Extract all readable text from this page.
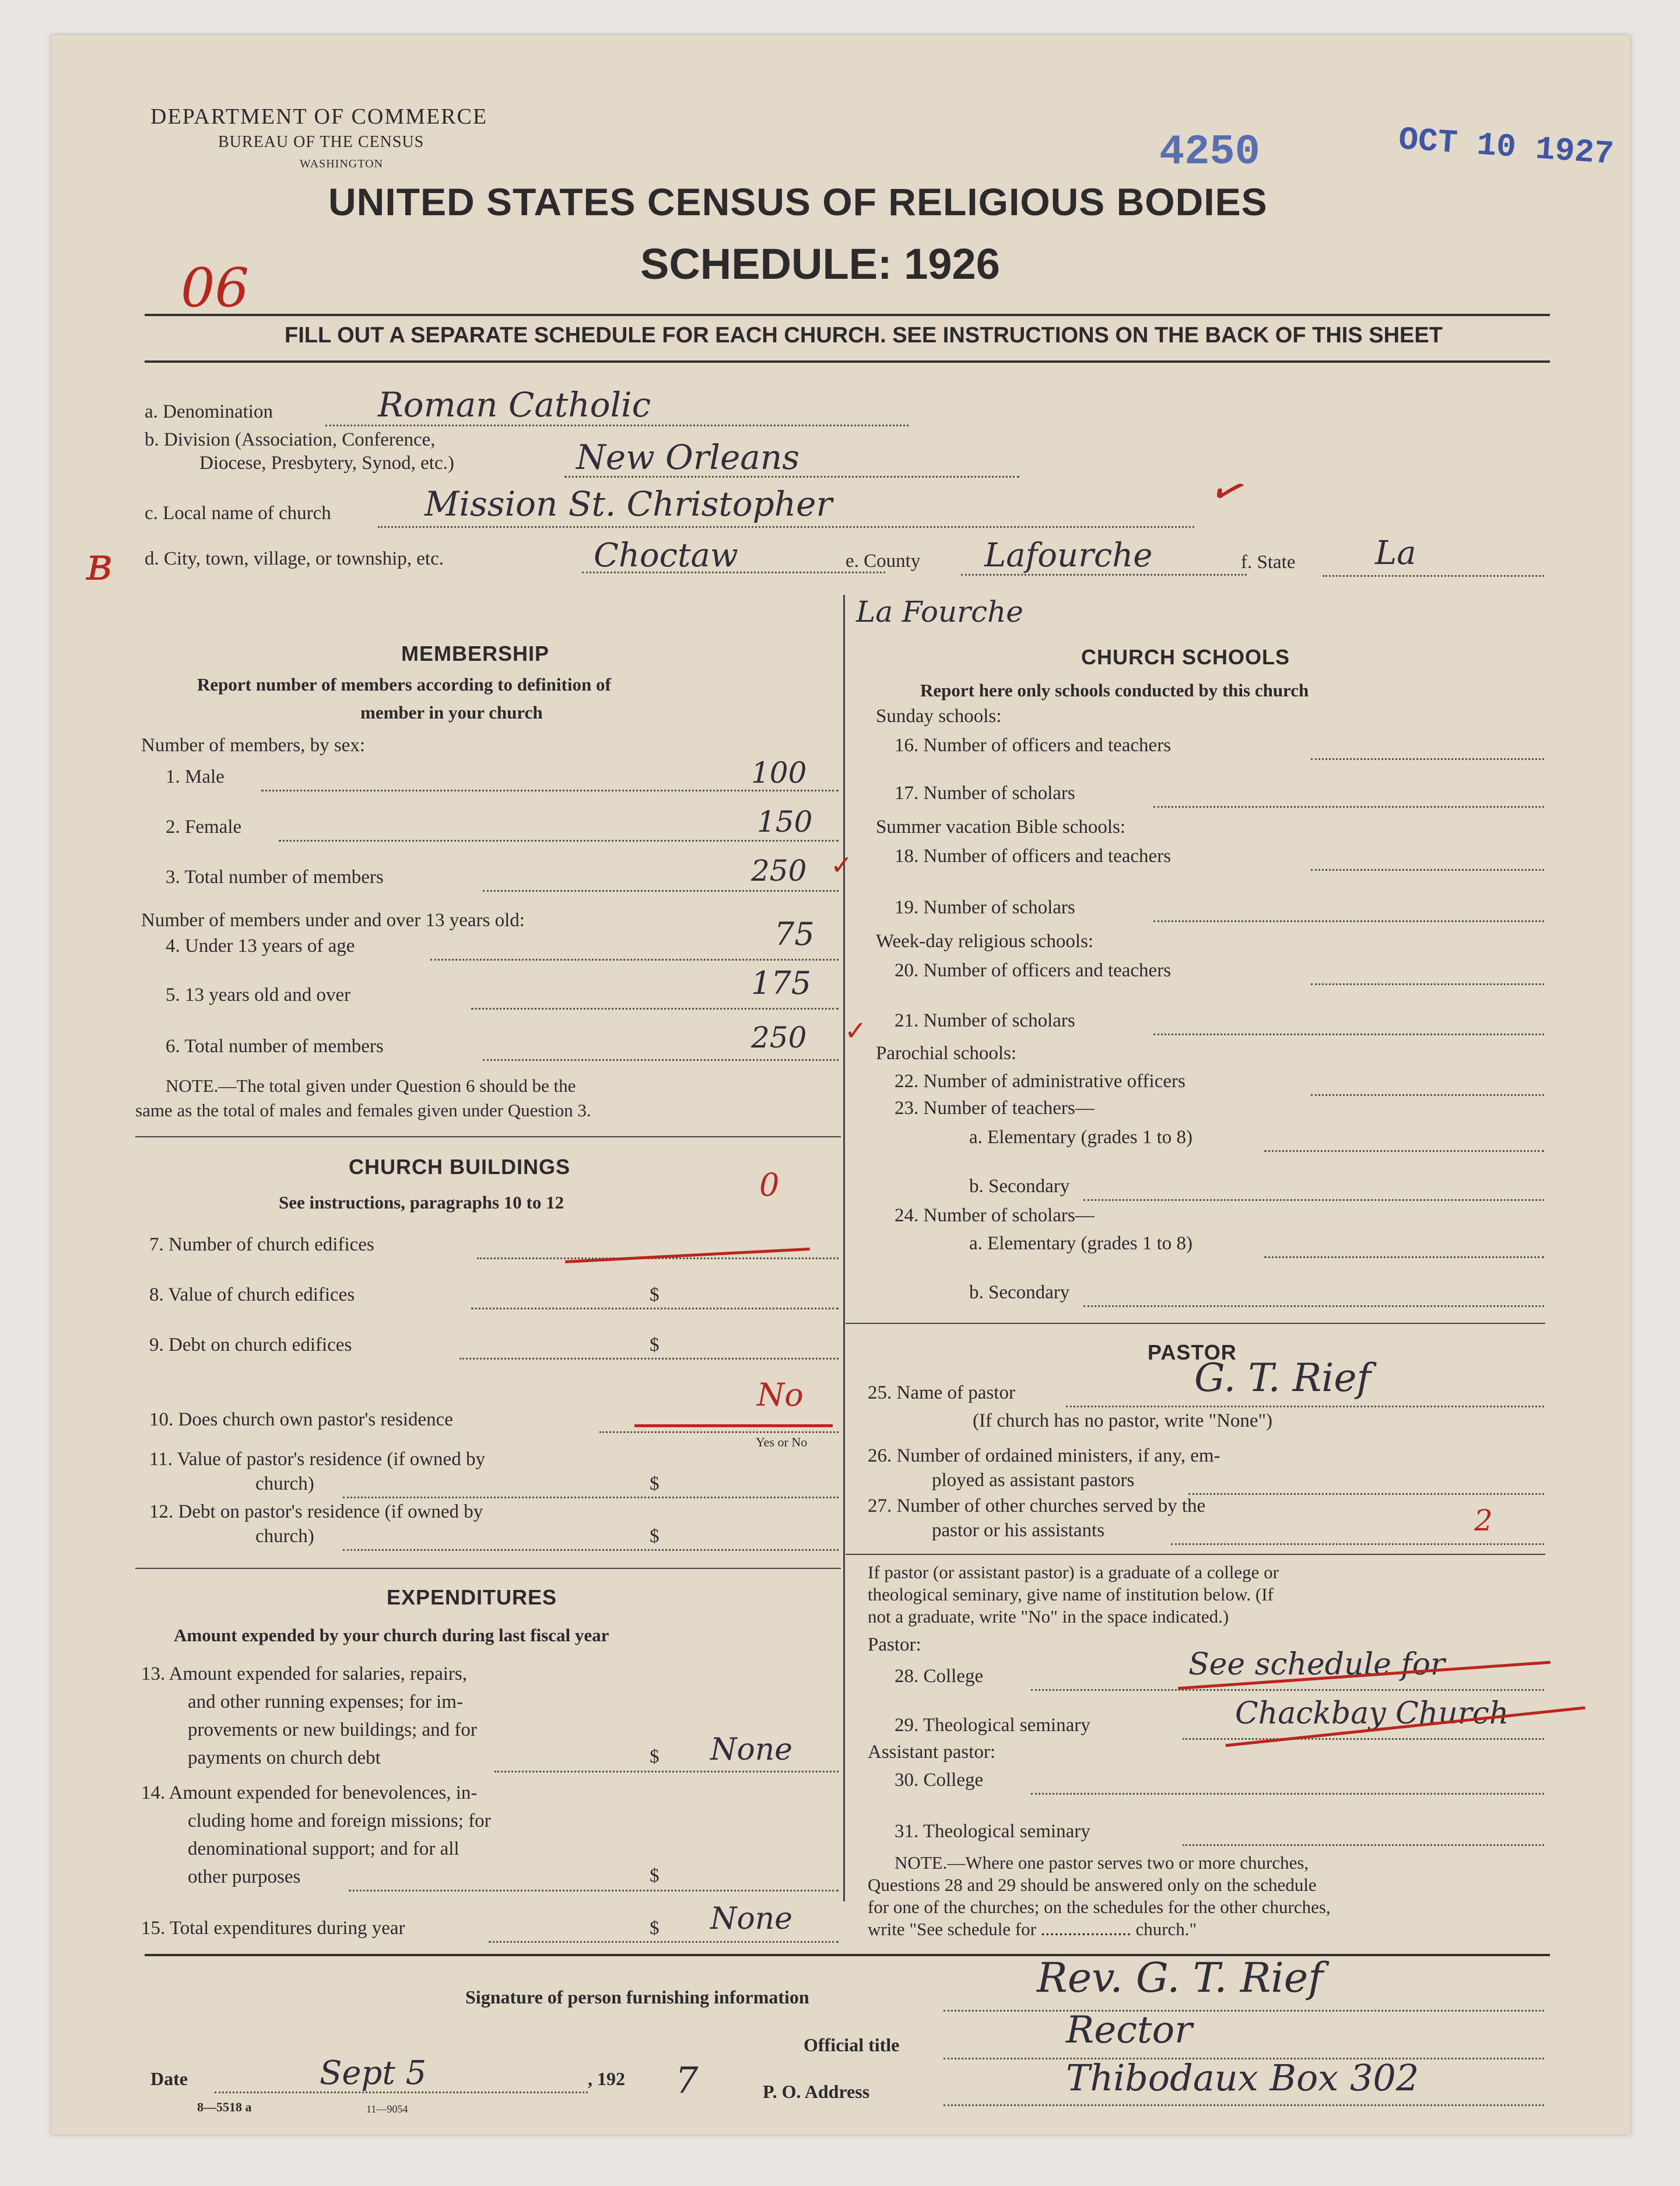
DEPARTMENT OF COMMERCE
BUREAU OF THE CENSUS
WASHINGTON	4250	OCT 10 1927
UNITED STATES CENSUS OF RELIGIOUS BODIES
SCHEDULE: 1926
06
FILL OUT A SEPARATE SCHEDULE FOR EACH CHURCH. SEE INSTRUCTIONS ON THE BACK OF THIS SHEET
a. Denomination	Roman Catholic
b. Division (Association, Conference,
Diocese, Presbytery, Synod, etc.)	New Orleans
c. Local name of church	Mission St. Christopher	✓
ʙ d. City, town, village, or township, etc.	Choctaw	e. County Lafourche	f. State La
La Fourche
MEMBERSHIP
Report number of members according to definition of
member in your church
Number of members, by sex:
1. Male	100
2. Female	150
3. Total number of members	250 ✓
Number of members under and over 13 years old:
4. Under 13 years of age	75
5. 13 years old and over	175
6. Total number of members	250 ✓
NOTE.—The total given under Question 6 should be the
same as the total of males and females given under Question 3.
CHURCH BUILDINGS
See instructions, paragraphs 10 to 12	0
7. Number of church edifices
8. Value of church edifices	$
9. Debt on church edifices	$
10. Does church own pastor's residence
No
Yes or No
11. Value of pastor's residence (if owned by
church)	$
12. Debt on pastor's residence (if owned by
church)	$
EXPENDITURES
Amount expended by your church during last fiscal year
13. Amount expended for salaries, repairs,
and other running expenses; for im-
provements or new buildings; and for
payments on church debt	$ None
14. Amount expended for benevolences, in-
cluding home and foreign missions; for
denominational support; and for all
other purposes	$
15. Total expenditures during year	$ None
CHURCH SCHOOLS
Report here only schools conducted by this church
Sunday schools:
16. Number of officers and teachers
17. Number of scholars
Summer vacation Bible schools:
18. Number of officers and teachers
19. Number of scholars
Week-day religious schools:
20. Number of officers and teachers
21. Number of scholars
Parochial schools:
22. Number of administrative officers
23. Number of teachers—
a. Elementary (grades 1 to 8)
b. Secondary
24. Number of scholars—
a. Elementary (grades 1 to 8)
b. Secondary
PASTOR
25. Name of pastor	G. T. Rief
(If church has no pastor, write "None")
26. Number of ordained ministers, if any, em-
ployed as assistant pastors
27. Number of other churches served by the
pastor or his assistants	2
If pastor (or assistant pastor) is a graduate of a college or
theological seminary, give name of institution below. (If
not a graduate, write "No" in the space indicated.)
Pastor:
28. College	See schedule for
29. Theological seminary	Chackbay Church
Assistant pastor:
30. College
31. Theological seminary
NOTE.—Where one pastor serves two or more churches,
Questions 28 and 29 should be answered only on the schedule
for one of the churches; on the schedules for the other churches,
write "See schedule for .................... church."
Signature of person furnishing information	Rev. G. T. Rief
Official title	Rector
Date	Sept 5	, 192 7	P. O. Address	Thibodaux Box 302
8—5518 a	11—9054
